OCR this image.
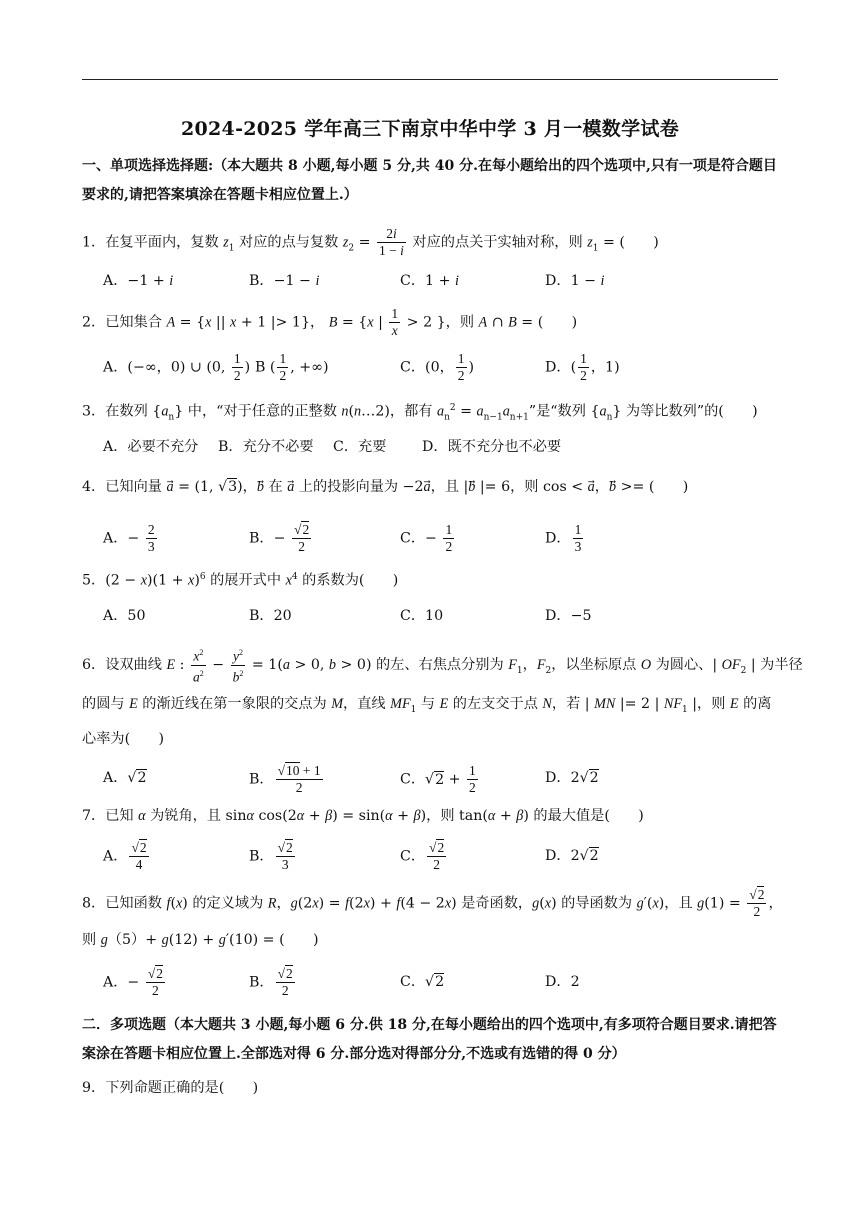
2024-2025 学年高三下南京中华中学 3 月一模数学试卷
一、单项选择选择题:（本大题共 8 小题,每小题 5 分,共 40 分.在每小题给出的四个选项中,只有一项是符合题目要求的,请把答案填涂在答题卡相应位置上.）
1．在复平面内，复数 $z_1$ 对应的点与复数 $z_2 = \frac{2i}{1 - i}$ 对应的点关于实轴对称，则 $z_1$ = (　　)
A．−1 + i	B．−1 − i	C．1 + i	D．1 − i
2．已知集合 A = {x || x + 1 |> 1}， B = {x | $\frac{1}{x} > 2$ }，则 A ∩ B = (　　)
A．(−∞，0) ∪ (0, $\frac{1}{2}$ ) B ( $\frac{1}{2}$ , +∞)	C．(0， $\frac{1}{2}$ )	D．( $\frac{1}{2}$ ，1)
3．在数列 $\{a_n\}$ 中，“对于任意的正整数 n(n…2)，都有 $a_n^2 = a_{n-1}a_{n+1}$”是“数列 $\{a_n\}$ 为等比数列”的(　　)
A．必要不充分 B．充分不必要 C．充要	D．既不充分也不必要
4．已知向量 a⃗ = (1, √3)，b⃗ 在 a⃗ 上的投影向量为 −2a⃗，且 |b⃗ |= 6，则 cos < a⃗，b⃗ >= (　　)
A．− $\frac{2}{3}$	B．− $\frac{√2}{2}$	C．− $\frac{1}{2}$	D． $\frac{1}{3}$
5．$(2 - x)(1 + x)^6$ 的展开式中 $x^4$ 的系数为(　　)
A．50	B．20	C．10	D．−5
6．设双曲线 E : $\frac{x^2}{a^2} - \frac{y^2}{b^2} = 1(a > 0$, b > 0) 的左、右焦点分别为 $F_1$，$F_2$，以坐标原点 O 为圆心、| $OF_2$ | 为半径
的圆与 E 的渐近线在第一象限的交点为 M，直线 $MF_1$ 与 E 的左支交于点 N，若 | MN |= 2 | $NF_1$ |，则 E 的离
心率为(　　)
A．√2	B． $\frac{√10 + 1}{2}$	C．$√2 + \frac{1}{2}$	D．2√2
7．已知 α 为锐角，且 sinα cos(2α + β) = sin(α + β)，则 tan(α + β) 的最大值是(　　)
A． $\frac{√2}{4}$	B． $\frac{√2}{3}$	C． $\frac{√2}{2}$	D．2√2
8．已知函数 f(x) 的定义域为 R，g(2x) = f(2x) + f(4 − 2x) 是奇函数，g(x) 的导函数为 g′(x)，且 $g(1) = \frac{√2}{2}$ ，
则 g（5）+ g(12) + g′(10) = (　　)
A．− $\frac{√2}{2}$	B． $\frac{√2}{2}$	C．√2	D．2
二．多项选题（本大题共 3 小题,每小题 6 分.供 18 分,在每小题给出的四个选项中,有多项符合题目要求.请把答案涂在答题卡相应位置上.全部选对得 6 分.部分选对得部分分,不选或有选错的得 0 分）
9．下列命题正确的是(　　)
